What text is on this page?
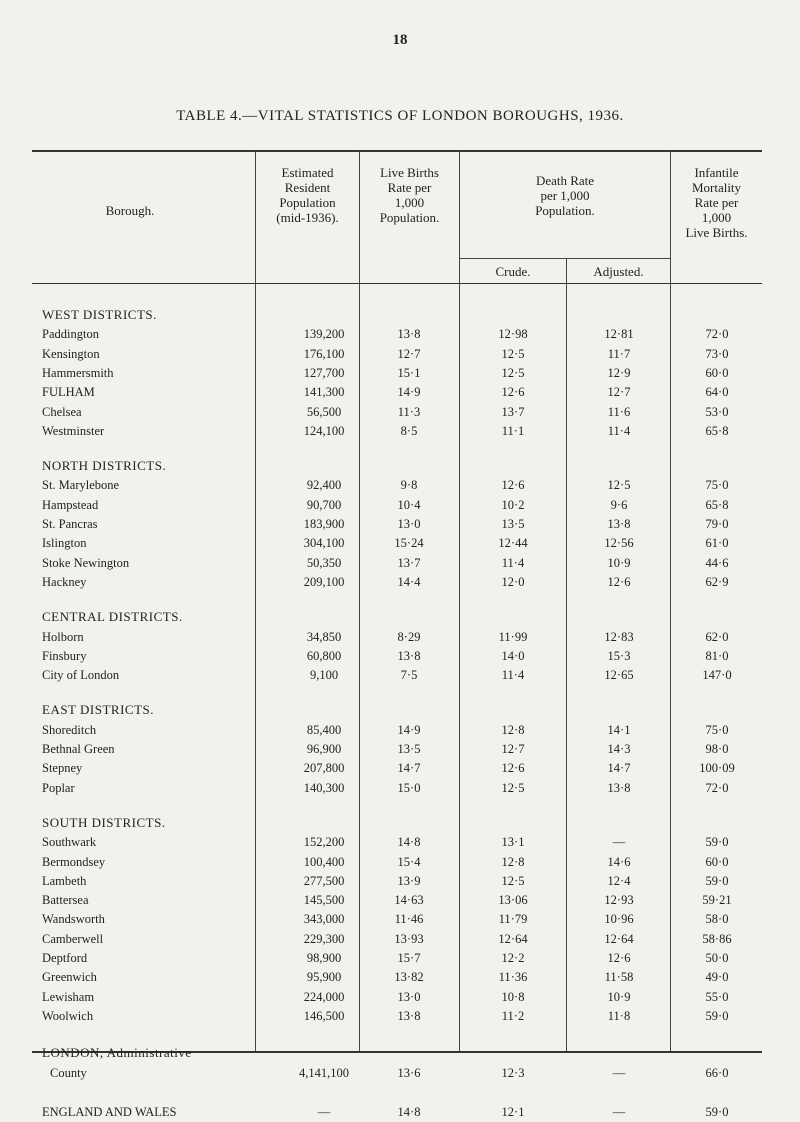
18
TABLE 4.—VITAL STATISTICS OF LONDON BOROUGHS, 1936.
Borough.
Estimated
Resident
Population
(mid-1936).
Live Births
Rate per
1,000
Population.
Death Rate
per 1,000
Population.
Crude.	Adjusted.
Infantile
Mortality
Rate per
1,000
Live Births.
WEST DISTRICTS.
Paddington	139,200	13·8	12·98	12·81	72·0
Kensington	176,100	12·7	12·5	11·7	73·0
Hammersmith	127,700	15·1	12·5	12·9	60·0
FULHAM	141,300	14·9	12·6	12·7	64·0
Chelsea	56,500	11·3	13·7	11·6	53·0
Westminster	124,100	8·5	11·1	11·4	65·8
NORTH DISTRICTS.
St. Marylebone	92,400	9·8	12·6	12·5	75·0
Hampstead	90,700	10·4	10·2	9·6	65·8
St. Pancras	183,900	13·0	13·5	13·8	79·0
Islington	304,100	15·24	12·44	12·56	61·0
Stoke Newington	50,350	13·7	11·4	10·9	44·6
Hackney	209,100	14·4	12·0	12·6	62·9
CENTRAL DISTRICTS.
Holborn	34,850	8·29	11·99	12·83	62·0
Finsbury	60,800	13·8	14·0	15·3	81·0
City of London	9,100	7·5	11·4	12·65	147·0
EAST DISTRICTS.
Shoreditch	85,400	14·9	12·8	14·1	75·0
Bethnal Green	96,900	13·5	12·7	14·3	98·0
Stepney	207,800	14·7	12·6	14·7	100·09
Poplar	140,300	15·0	12·5	13·8	72·0
SOUTH DISTRICTS.
Southwark	152,200	14·8	13·1	—	59·0
Bermondsey	100,400	15·4	12·8	14·6	60·0
Lambeth	277,500	13·9	12·5	12·4	59·0
Battersea	145,500	14·63	13·06	12·93	59·21
Wandsworth	343,000	11·46	11·79	10·96	58·0
Camberwell	229,300	13·93	12·64	12·64	58·86
Deptford	98,900	15·7	12·2	12·6	50·0
Greenwich	95,900	13·82	11·36	11·58	49·0
Lewisham	224,000	13·0	10·8	10·9	55·0
Woolwich	146,500	13·8	11·2	11·8	59·0
LONDON, Administrative
County	4,141,100	13·6	12·3	—	66·0
ENGLAND AND WALES	—	14·8	12·1	—	59·0
